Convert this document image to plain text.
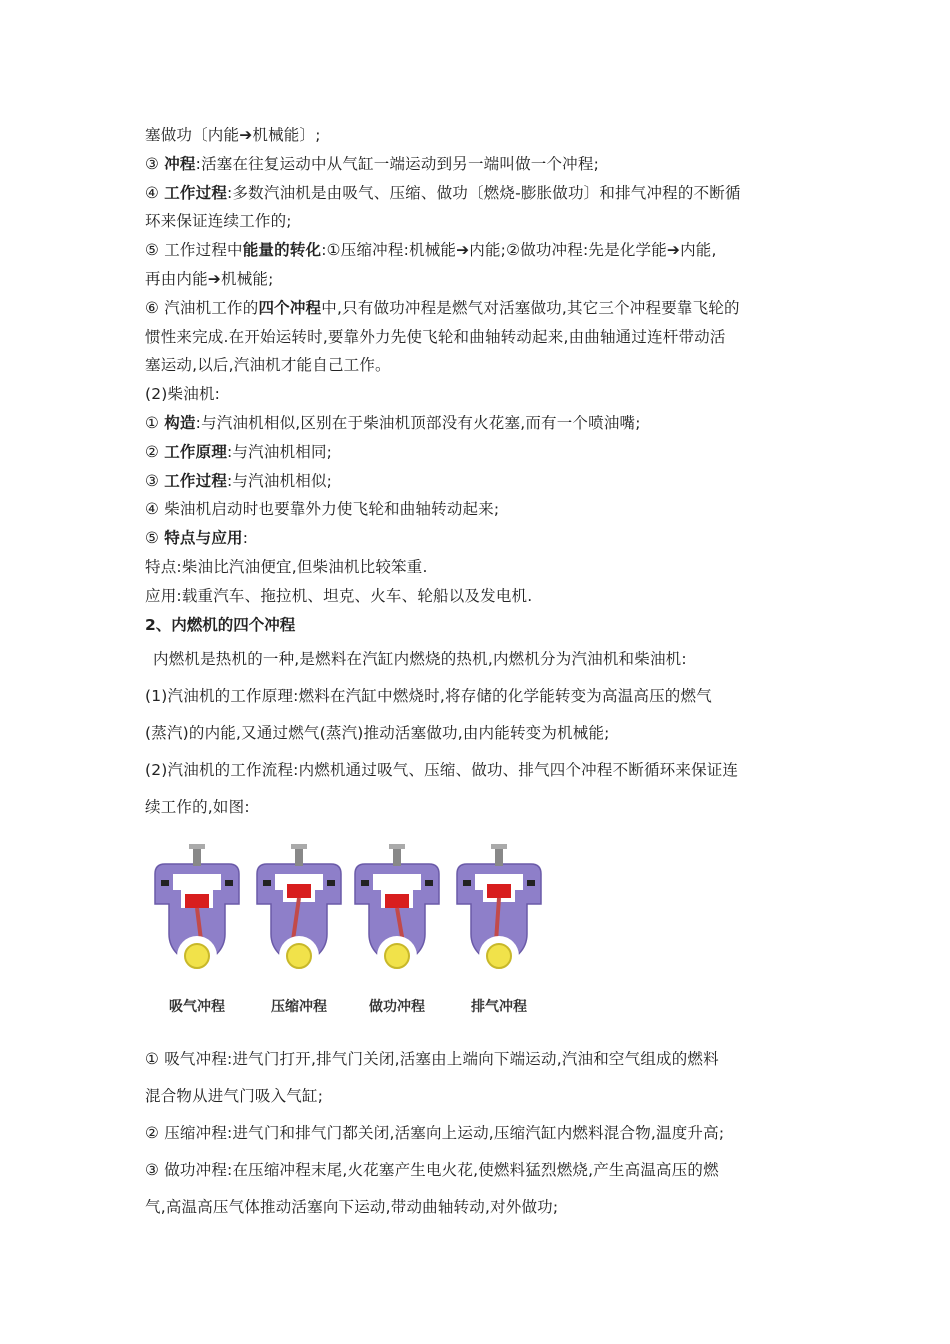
塞做功〔内能➔机械能〕;
③ 冲程:活塞在往复运动中从气缸一端运动到另一端叫做一个冲程;
④ 工作过程:多数汽油机是由吸气、压缩、做功〔燃烧-膨胀做功〕和排气冲程的不断循
环来保证连续工作的;
⑤ 工作过程中能量的转化:①压缩冲程:机械能➔内能;②做功冲程:先是化学能➔内能,
再由内能➔机械能;
⑥ 汽油机工作的四个冲程中,只有做功冲程是燃气对活塞做功,其它三个冲程要靠飞轮的
惯性来完成.在开始运转时,要靠外力先使飞轮和曲轴转动起来,由曲轴通过连杆带动活
塞运动,以后,汽油机才能自己工作。
(2)柴油机:
① 构造:与汽油机相似,区别在于柴油机顶部没有火花塞,而有一个喷油嘴;
② 工作原理:与汽油机相同;
③ 工作过程:与汽油机相似;
④ 柴油机启动时也要靠外力使飞轮和曲轴转动起来;
⑤ 特点与应用:
特点:柴油比汽油便宜,但柴油机比较笨重.
应用:载重汽车、拖拉机、坦克、火车、轮船以及发电机.
2、内燃机的四个冲程
内燃机是热机的一种,是燃料在汽缸内燃烧的热机,内燃机分为汽油机和柴油机:
(1)汽油机的工作原理:燃料在汽缸中燃烧时,将存储的化学能转变为高温高压的燃气
(蒸汽)的内能,又通过燃气(蒸汽)推动活塞做功,由内能转变为机械能;
(2)汽油机的工作流程:内燃机通过吸气、压缩、做功、排气四个冲程不断循环来保证连
续工作的,如图:
吸气冲程	压缩冲程	做功冲程	排气冲程
① 吸气冲程:进气门打开,排气门关闭,活塞由上端向下端运动,汽油和空气组成的燃料
混合物从进气门吸入气缸;
② 压缩冲程:进气门和排气门都关闭,活塞向上运动,压缩汽缸内燃料混合物,温度升高;
③ 做功冲程:在压缩冲程末尾,火花塞产生电火花,使燃料猛烈燃烧,产生高温高压的燃
气,高温高压气体推动活塞向下运动,带动曲轴转动,对外做功;
